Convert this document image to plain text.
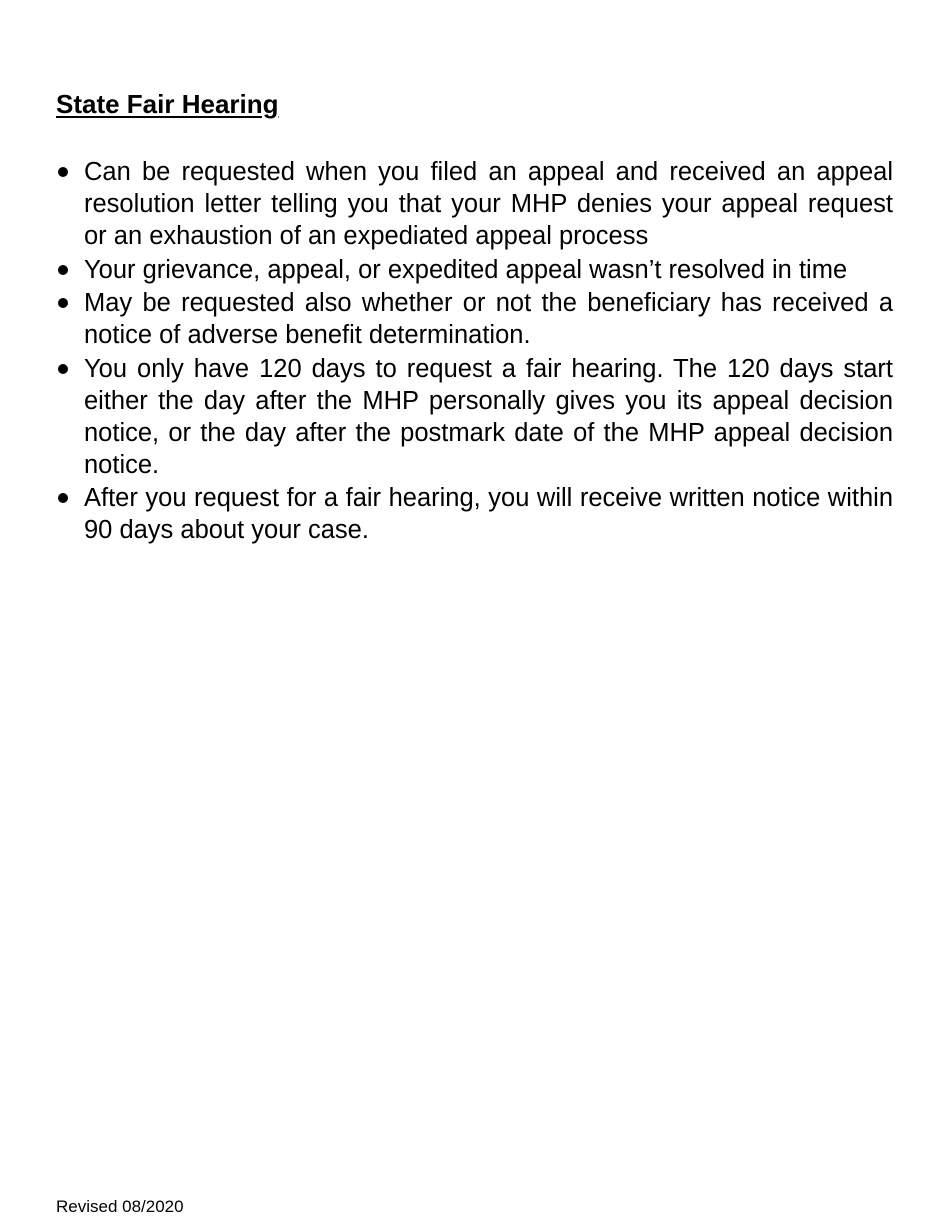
State Fair Hearing
Can be requested when you filed an appeal and received an appeal resolution letter telling you that your MHP denies your appeal request or an exhaustion of an expediated appeal process
Your grievance, appeal, or expedited appeal wasn’t resolved in time
May be requested also whether or not the beneficiary has received a notice of adverse benefit determination.
You only have 120 days to request a fair hearing. The 120 days start either the day after the MHP personally gives you its appeal decision notice, or the day after the postmark date of the MHP appeal decision notice.
After you request for a fair hearing, you will receive written notice within 90 days about your case.
Revised 08/2020
